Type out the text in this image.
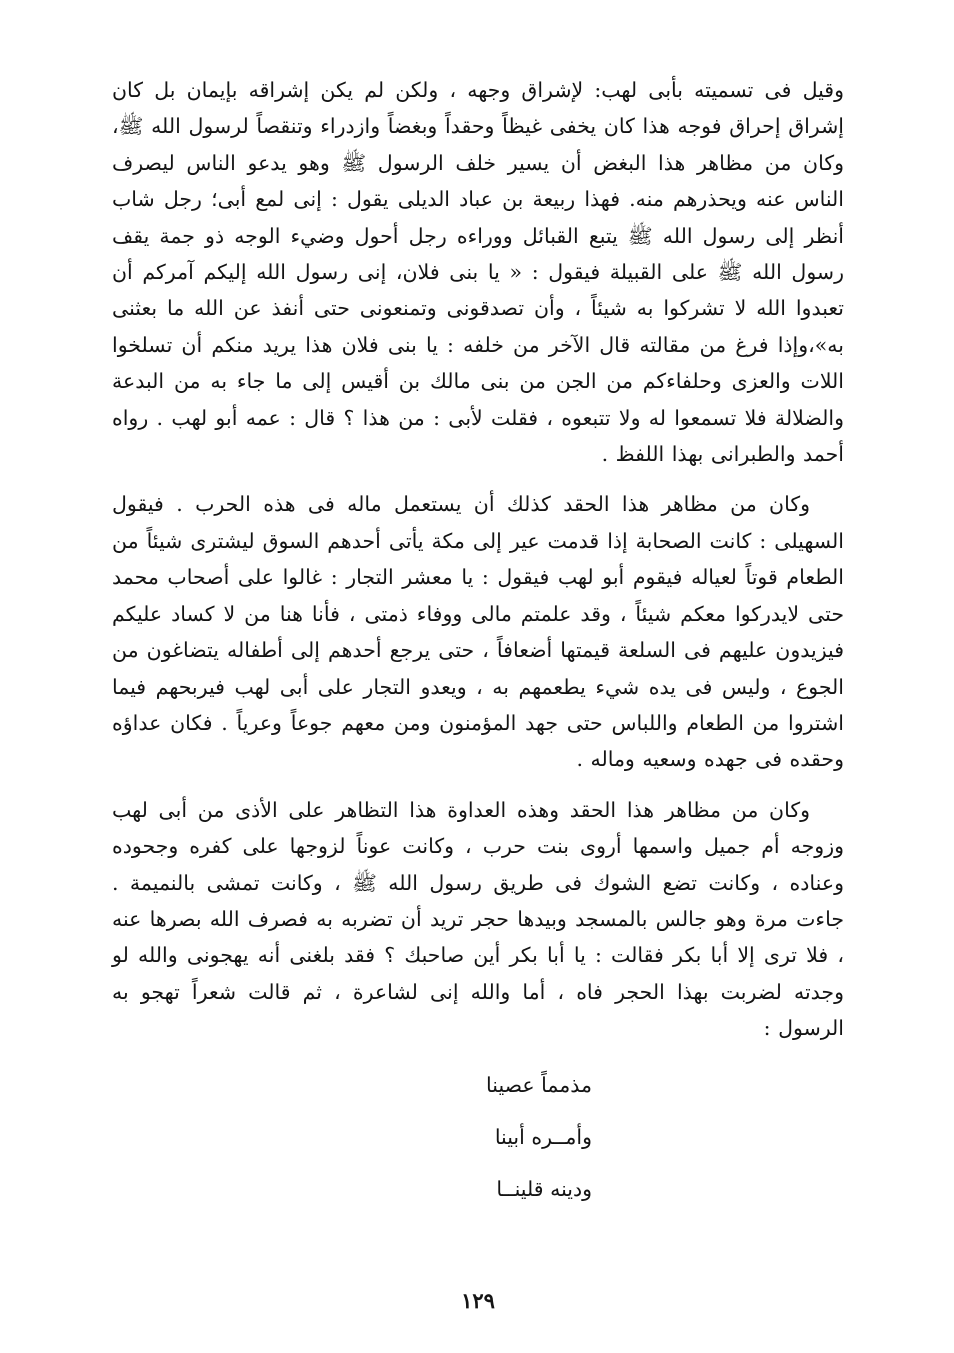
وقيل فى تسميته بأبى لهب: لإشراق وجهه ، ولكن لم يكن إشراقه بإيمان بل كان إشراق إحراق فوجه هذا كان يخفى غيظاً وحقداً وبغضاً وازدراء وتنقصاً لرسول الله ﷺ، وكان من مظاهر هذا البغض أن يسير خلف الرسول ﷺ وهو يدعو الناس ليصرف الناس عنه ويحذرهم منه. فهذا ربيعة بن عباد الديلى يقول : إنى لمع أبى؛ رجل شاب أنظر إلى رسول الله ﷺ يتبع القبائل ووراءه رجل أحول وضيء الوجه ذو جمة يقف رسول الله ﷺ على القبيلة فيقول : « يا بنى فلان، إنى رسول الله إليكم آمركم أن تعبدوا الله لا تشركوا به شيئاً ، وأن تصدقونى وتمنعونى حتى أنفذ عن الله ما بعثنى به»،وإذا فرغ من مقالته قال الآخر من خلفه : يا بنى فلان هذا يريد منكم أن تسلخوا اللات والعزى وحلفاءكم من الجن من بنى مالك بن أقيس إلى ما جاء به من البدعة والضلالة فلا تسمعوا له ولا تتبعوه ، فقلت لأبى : من هذا ؟ قال : عمه أبو لهب . رواه أحمد والطبرانى بهذا اللفظ .

وكان من مظاهر هذا الحقد كذلك أن يستعمل ماله فى هذه الحرب . فيقول السهيلى : كانت الصحابة إذا قدمت عير إلى مكة يأتى أحدهم السوق ليشترى شيئاً من الطعام قوتاً لعياله فيقوم أبو لهب فيقول : يا معشر التجار : غالوا على أصحاب محمد حتى لايدركوا معكم شيئاً ، وقد علمتم مالى ووفاء ذمتى ، فأنا هنا من لا كساد عليكم فيزيدون عليهم فى السلعة قيمتها أضعافاً ، حتى يرجع أحدهم إلى أطفاله يتضاغون من الجوع ، وليس فى يده شيء يطعمهم به ، ويعدو التجار على أبى لهب فيربحهم فيما اشتروا من الطعام واللباس حتى جهد المؤمنون ومن معهم جوعاً وعرياً . فكان عداؤه وحقده فى جهده وسعيه وماله .

وكان من مظاهر هذا الحقد وهذه العداوة هذا التظاهر على الأذى من أبى لهب وزوجه أم جميل واسمها أروى بنت حرب ، وكانت عوناً لزوجها على كفره وجحوده وعناده ، وكانت تضع الشوك فى طريق رسول الله ﷺ ، وكانت تمشى بالنميمة . جاءت مرة وهو جالس بالمسجد وبيدها حجر تريد أن تضربه به فصرف الله بصرها عنه ، فلا ترى إلا أبا بكر فقالت : يا أبا بكر أين صاحبك ؟ فقد بلغنى أنه يهجونى والله لو وجدته لضربت بهذا الحجر فاه ، أما والله إنى لشاعرة ، ثم قالت شعراً تهجو به الرسول :

مذمماً عصينا
وأمــره أبينا
ودينه قلينــا
١٢٩
